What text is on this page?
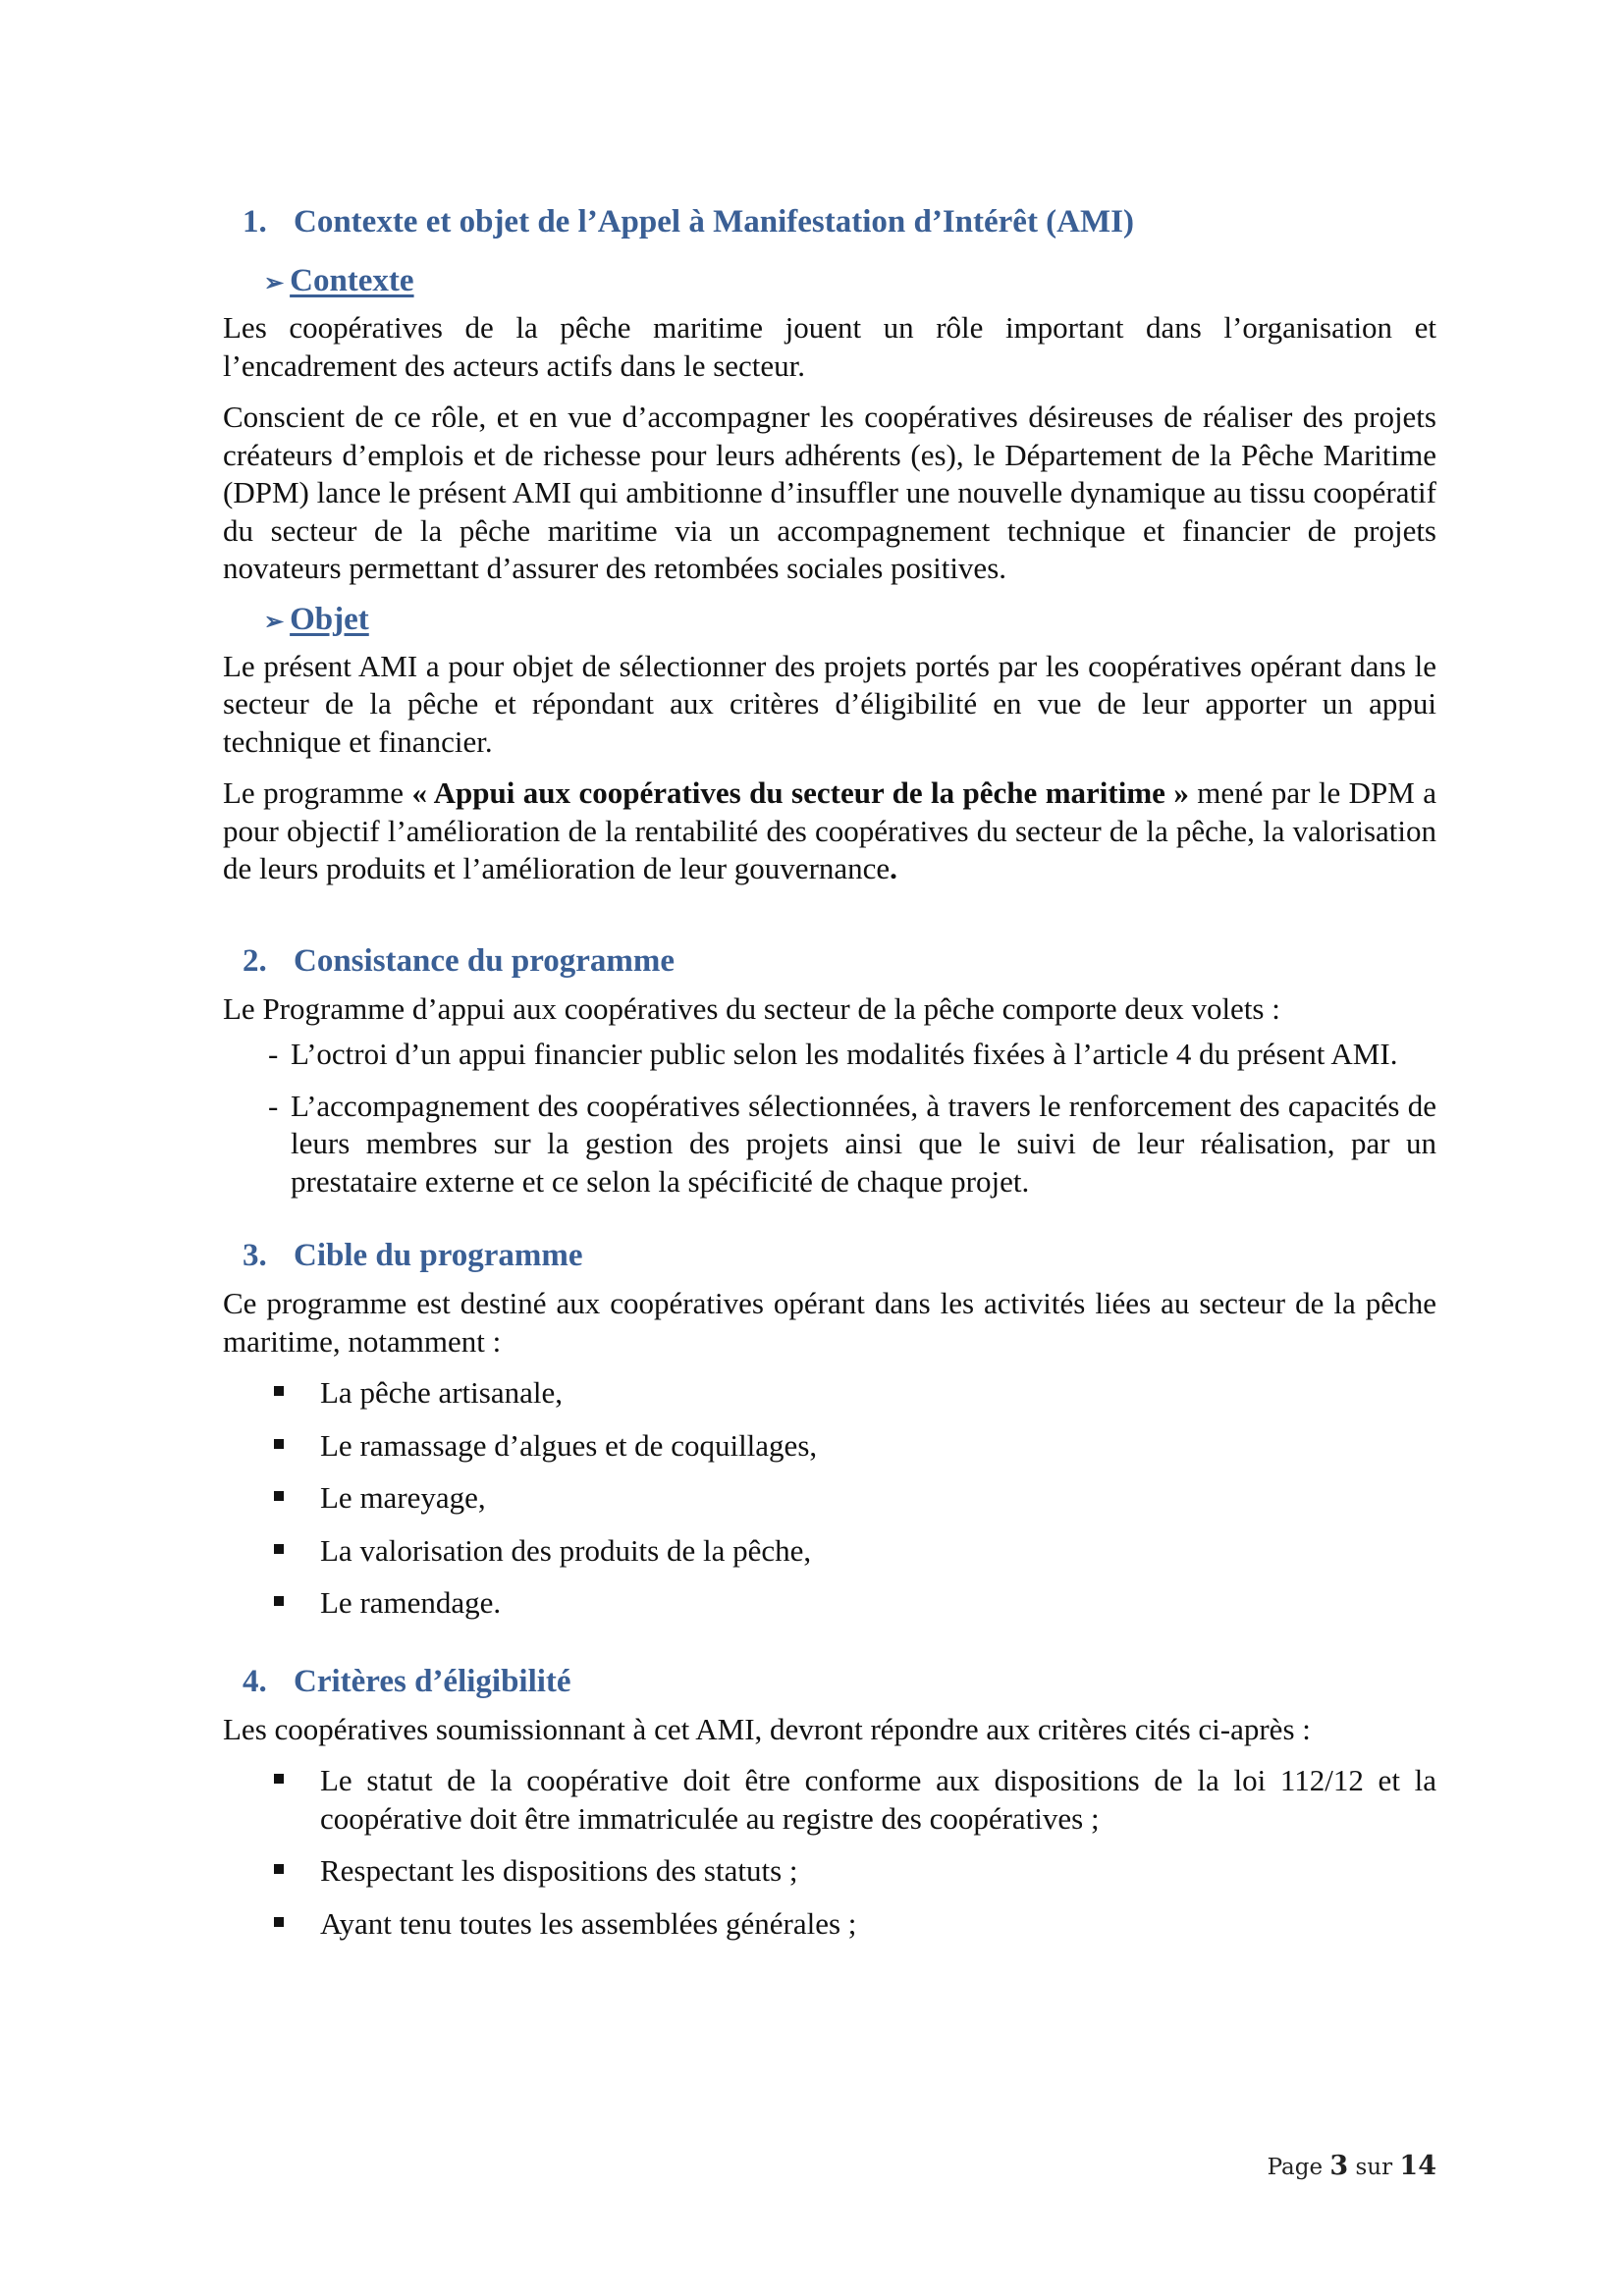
1. Contexte et objet de l’Appel à Manifestation d’Intérêt (AMI)
➢ Contexte

Les coopératives de la pêche maritime jouent un rôle important dans l’organisation et l’encadrement des acteurs actifs dans le secteur.

Conscient de ce rôle, et en vue d’accompagner les coopératives désireuses de réaliser des projets créateurs d’emplois et de richesse pour leurs adhérents (es), le Département de la Pêche Maritime (DPM) lance le présent AMI qui ambitionne d’insuffler une nouvelle dynamique au tissu coopératif du secteur de la pêche maritime via un accompagnement technique et financier de projets novateurs permettant d’assurer des retombées sociales positives.

➢ Objet

Le présent AMI a pour objet de sélectionner des projets portés par les coopératives opérant dans le secteur de la pêche et répondant aux critères d’éligibilité en vue de leur apporter un appui technique et financier.

Le programme « Appui aux coopératives du secteur de la pêche maritime » mené par le DPM a pour objectif l’amélioration de la rentabilité des coopératives du secteur de la pêche, la valorisation de leurs produits et l’amélioration de leur gouvernance.

2. Consistance du programme

Le Programme d’appui aux coopératives du secteur de la pêche comporte deux volets :

- L’octroi d’un appui financier public selon les modalités fixées à l’article 4 du présent AMI.
- L’accompagnement des coopératives sélectionnées, à travers le renforcement des capacités de leurs membres sur la gestion des projets ainsi que le suivi de leur réalisation, par un prestataire externe et ce selon la spécificité de chaque projet.
3. Cible du programme

Ce programme est destiné aux coopératives opérant dans les activités liées au secteur de la pêche maritime, notamment :

La pêche artisanale,
Le ramassage d’algues et de coquillages,
Le mareyage,
La valorisation des produits de la pêche,
Le ramendage.
4. Critères d’éligibilité

Les coopératives soumissionnant à cet AMI, devront répondre aux critères cités ci-après :

Le statut de la coopérative doit être conforme aux dispositions de la loi 112/12 et la coopérative doit être immatriculée au registre des coopératives ;
Respectant les dispositions des statuts ;
Ayant tenu toutes les assemblées générales ;
Page 3 sur 14
